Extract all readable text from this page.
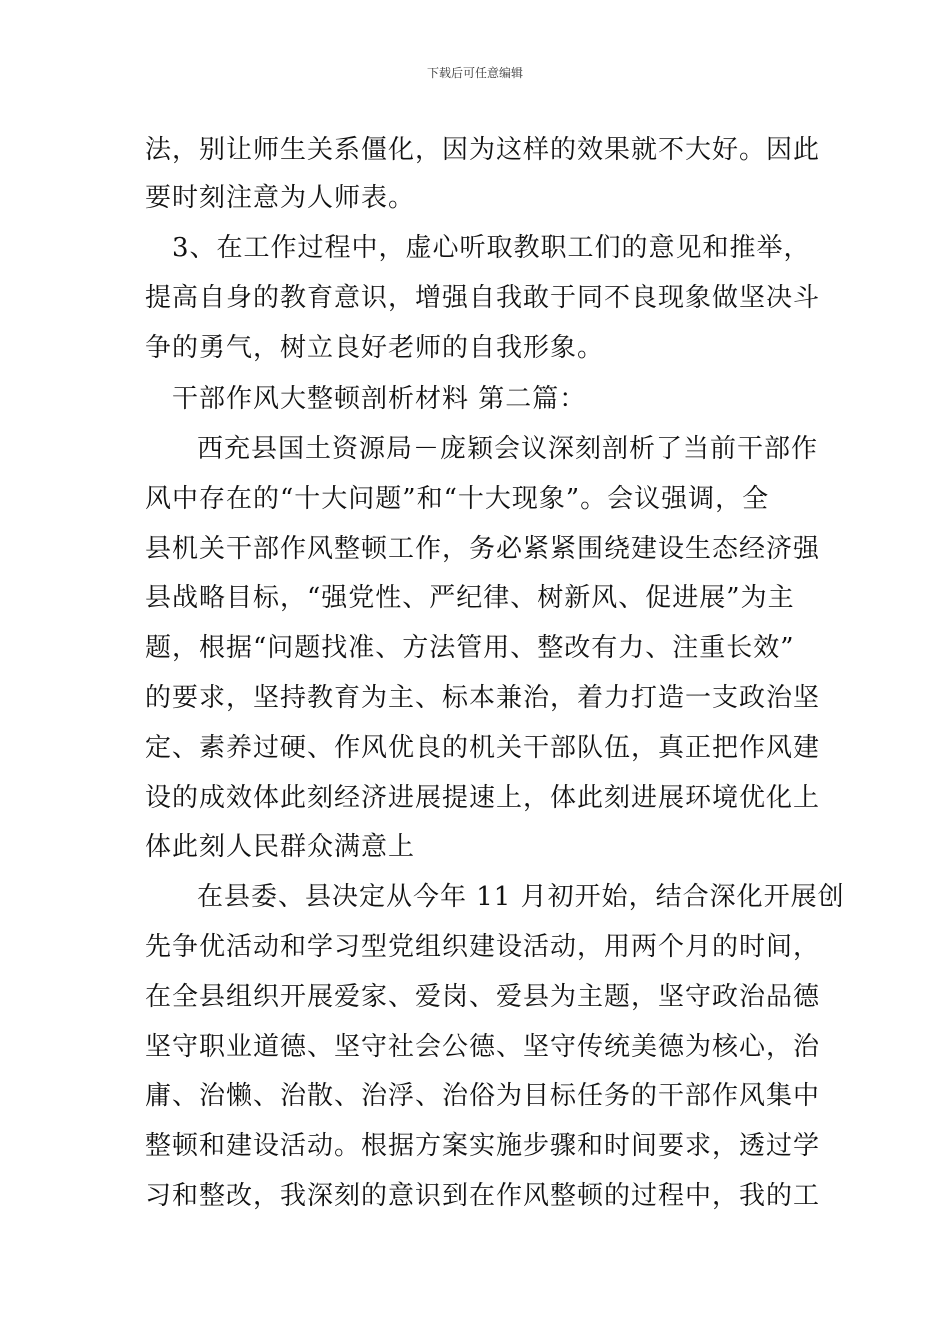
下载后可任意编辑
法，别让师生关系僵化，因为这样的效果就不大好。因此
要时刻注意为人师表。
3、在工作过程中，虚心听取教职工们的意见和推举，
提高自身的教育意识，增强自我敢于同不良现象做坚决斗
争的勇气，树立良好老师的自我形象。
干部作风大整顿剖析材料 第二篇：
西充县国土资源局－庞颖会议深刻剖析了当前干部作
风中存在的“十大问题”和“十大现象”。会议强调，全
县机关干部作风整顿工作，务必紧紧围绕建设生态经济强
县战略目标，“强党性、严纪律、树新风、促进展”为主
题，根据“问题找准、方法管用、整改有力、注重长效”
的要求，坚持教育为主、标本兼治，着力打造一支政治坚
定、素养过硬、作风优良的机关干部队伍，真正把作风建
设的成效体此刻经济进展提速上，体此刻进展环境优化上
体此刻人民群众满意上
在县委、县决定从今年 11 月初开始，结合深化开展创
先争优活动和学习型党组织建设活动，用两个月的时间，
在全县组织开展爱家、爱岗、爱县为主题，坚守政治品德
坚守职业道德、坚守社会公德、坚守传统美德为核心，治
庸、治懒、治散、治浮、治俗为目标任务的干部作风集中
整顿和建设活动。根据方案实施步骤和时间要求，透过学
习和整改，我深刻的意识到在作风整顿的过程中，我的工
